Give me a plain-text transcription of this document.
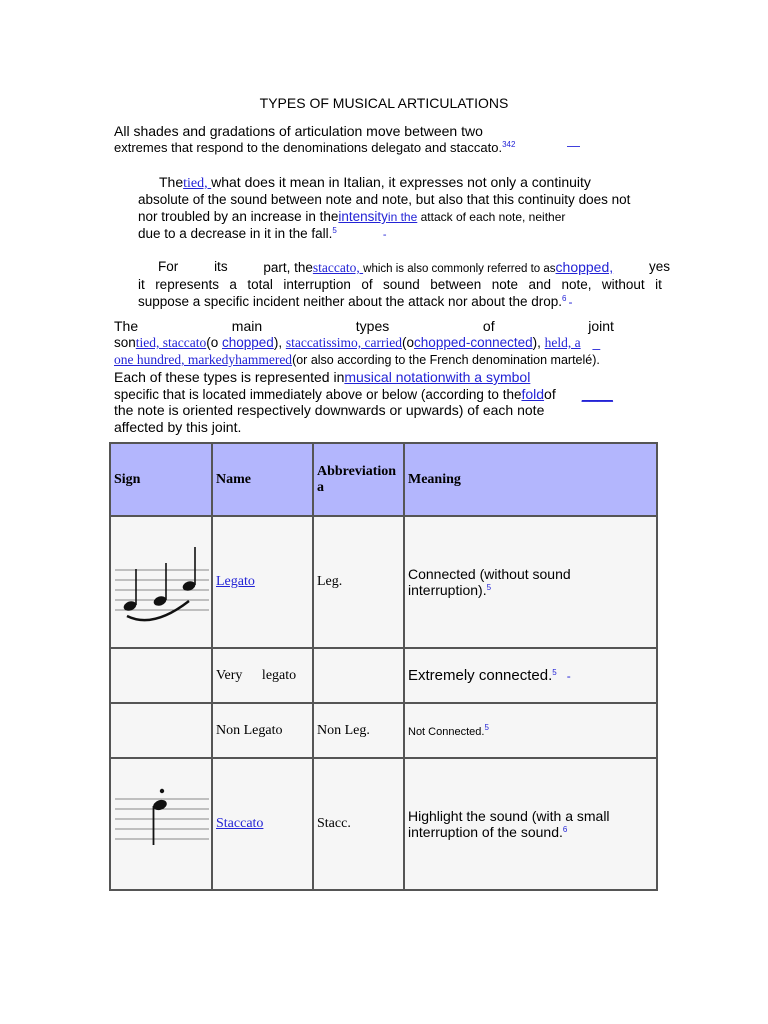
TYPES OF MUSICAL ARTICULATIONS
All shades and gradations of articulation move between two
extremes that respond to the denominations delegato and staccato.$^{342}$	—
Thetied, what does it mean in Italian, it expresses not only a continuity
absolute of the sound between note and note, but also that this continuity does not
nor troubled by an increase in theintensityin the attack of each note, neither
due to a decrease in it in the fall.$^5$	-
For	its	part, thestaccato, which is also commonly referred to aschopped,	yes
it represents a total interruption of sound between note and note, without it
suppose a specific incident neither about the attack nor about the drop.$^6$ -
The	main	types	of	joint
sontied, staccato(o chopped), staccatissimo, carried(ochopped-connected), held, a _
one hundred, markedyhammered(or also according to the French denomination martelé).
Each of these types is represented inmusical notationwith a symbol
specific that is located immediately above or below (according to thefoldof ____
the note is oriented respectively downwards or upwards) of each note
affected by this joint.
Sign	Name	Abbreviation a	Meaning
	Legato	Leg.	Connected (without sound interruption).$^5$
	Very legato		Extremely connected.$^5$ -
	Non Legato	Non Leg.	Not Connected.$^5$
	Staccato	Stacc.	Highlight the sound (with a small interruption of the sound.$^6$
